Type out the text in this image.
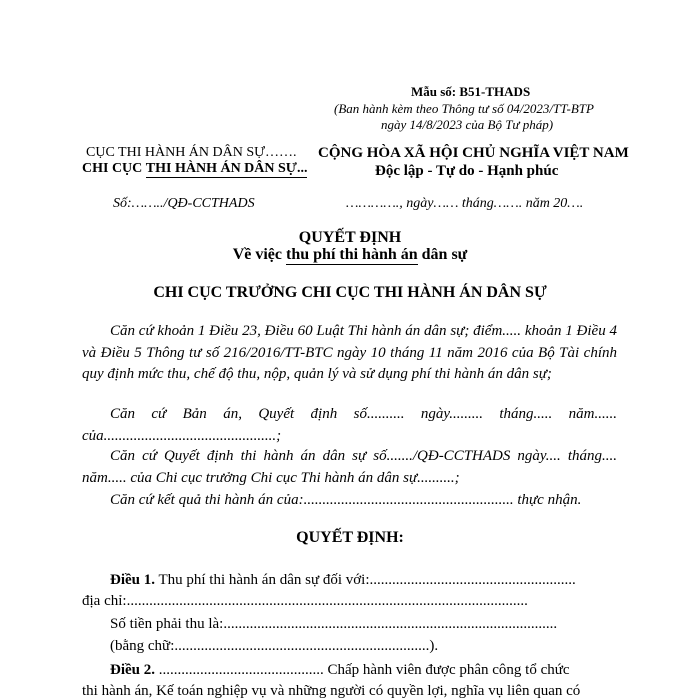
Mẫu số: B51-THADS
(Ban hành kèm theo Thông tư số 04/2023/TT-BTP
ngày 14/8/2023 của Bộ Tư pháp)
CỤC THI HÀNH ÁN DÂN SỰ…….
CHI CỤC THI HÀNH ÁN DÂN SỰ...
Số:……../QĐ-CCTHADS
CỘNG HÒA XÃ HỘI CHỦ NGHĨA VIỆT NAM
Độc lập - Tự do - Hạnh phúc
…………., ngày…… tháng……. năm 20….
QUYẾT ĐỊNH
Về việc thu phí thi hành án dân sự
CHI CỤC TRƯỞNG CHI CỤC THI HÀNH ÁN DÂN SỰ
Căn cứ khoản 1 Điều 23, Điều 60 Luật Thi hành án dân sự; điểm..... khoản 1 Điều 4 và Điều 5 Thông tư số 216/2016/TT-BTC ngày 10 tháng 11 năm 2016 của Bộ Tài chính quy định mức thu, chế độ thu, nộp, quản lý và sử dụng phí thi hành án dân sự;
Căn cứ Bản án, Quyết định số.......... ngày......... tháng..... năm...... của..............................................;
Căn cứ Quyết định thi hành án dân sự số......./QĐ-CCTHADS ngày.... tháng.... năm..... của Chi cục trưởng Chi cục Thi hành án dân sự..........;
Căn cứ kết quả thi hành án của:........................................................ thực nhận.
QUYẾT ĐỊNH:
Điều 1. Thu phí thi hành án dân sự đối với:.......................................................
địa chỉ:...........................................................................................................
Số tiền phải thu là:.........................................................................................
(bằng chữ:....................................................................).
Điều 2. ............................................ Chấp hành viên được phân công tổ chức
thi hành án, Kế toán nghiệp vụ và những người có quyền lợi, nghĩa vụ liên quan có
